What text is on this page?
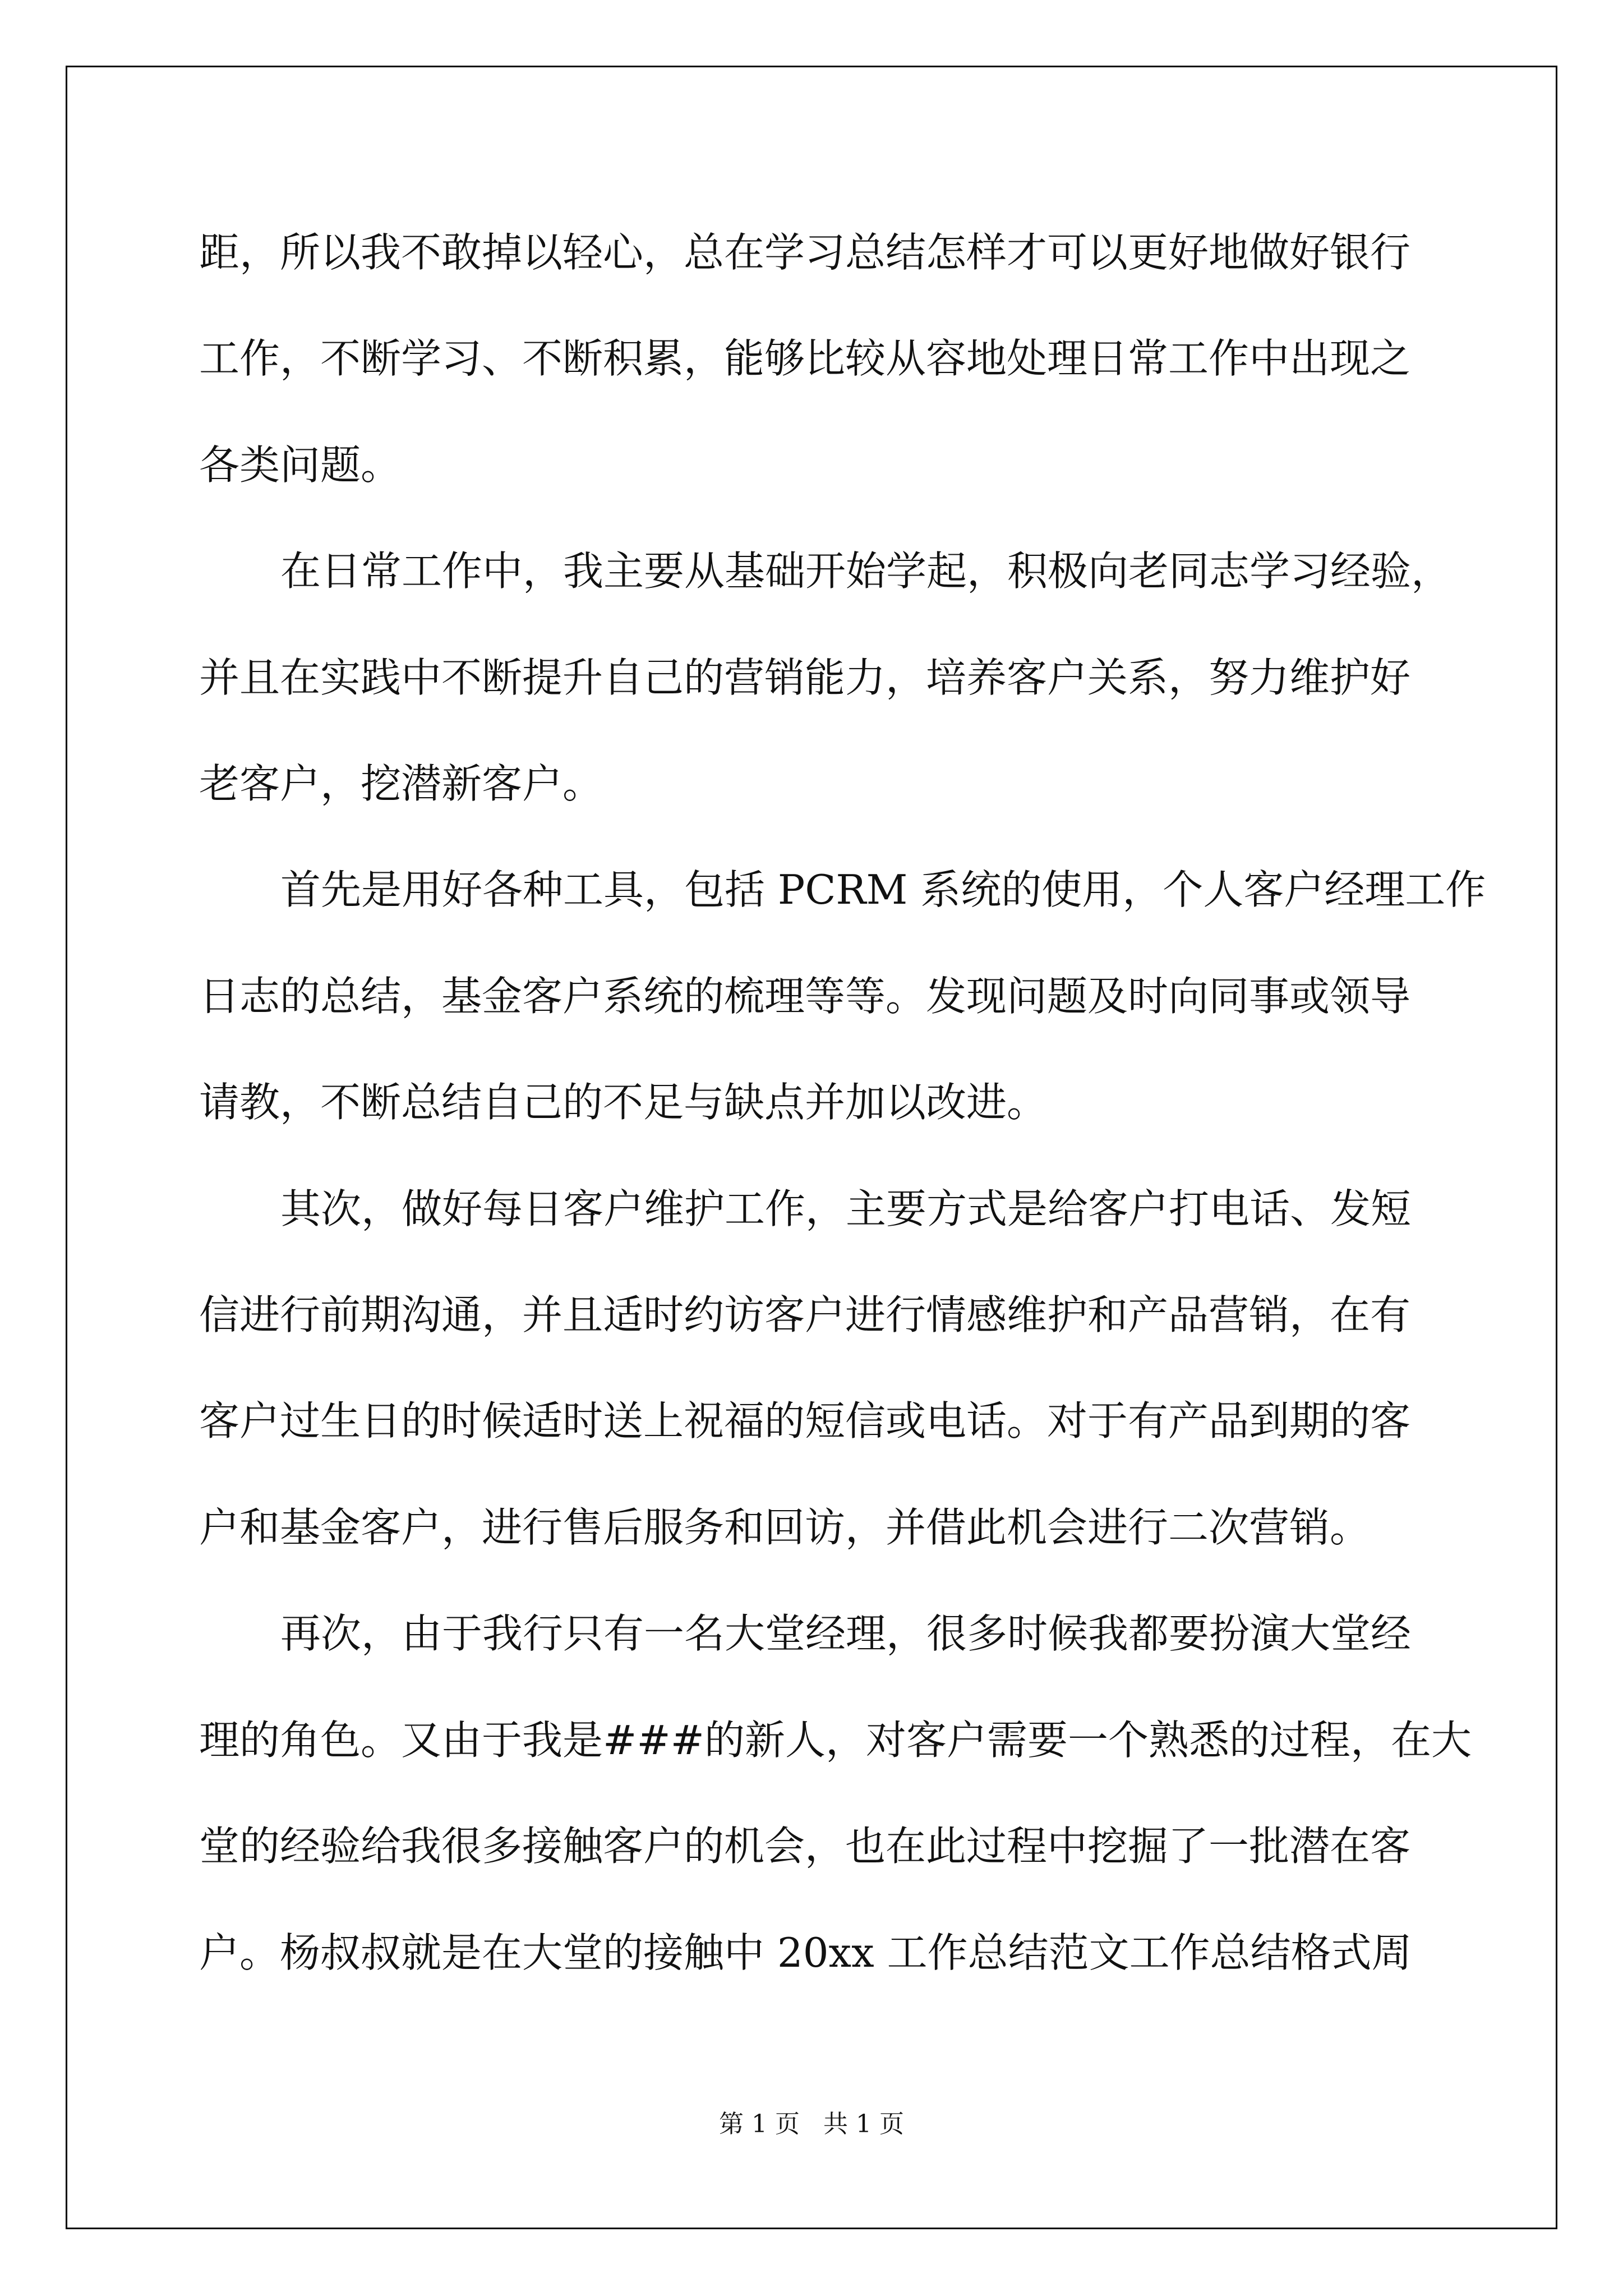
距，所以我不敢掉以轻心，总在学习总结怎样才可以更好地做好银行
工作，不断学习、不断积累，能够比较从容地处理日常工作中出现之
各类问题。
在日常工作中，我主要从基础开始学起，积极向老同志学习经验，
并且在实践中不断提升自己的营销能力，培养客户关系，努力维护好
老客户，挖潜新客户。
首先是用好各种工具，包括 PCRM 系统的使用，个人客户经理工作
日志的总结，基金客户系统的梳理等等。发现问题及时向同事或领导
请教，不断总结自己的不足与缺点并加以改进。
其次，做好每日客户维护工作，主要方式是给客户打电话、发短
信进行前期沟通，并且适时约访客户进行情感维护和产品营销，在有
客户过生日的时候适时送上祝福的短信或电话。对于有产品到期的客
户和基金客户，进行售后服务和回访，并借此机会进行二次营销。
再次，由于我行只有一名大堂经理，很多时候我都要扮演大堂经
理的角色。又由于我是###的新人，对客户需要一个熟悉的过程，在大
堂的经验给我很多接触客户的机会，也在此过程中挖掘了一批潜在客
户。杨叔叔就是在大堂的接触中 20xx 工作总结范文工作总结格式周
第 1 页   共 1 页
